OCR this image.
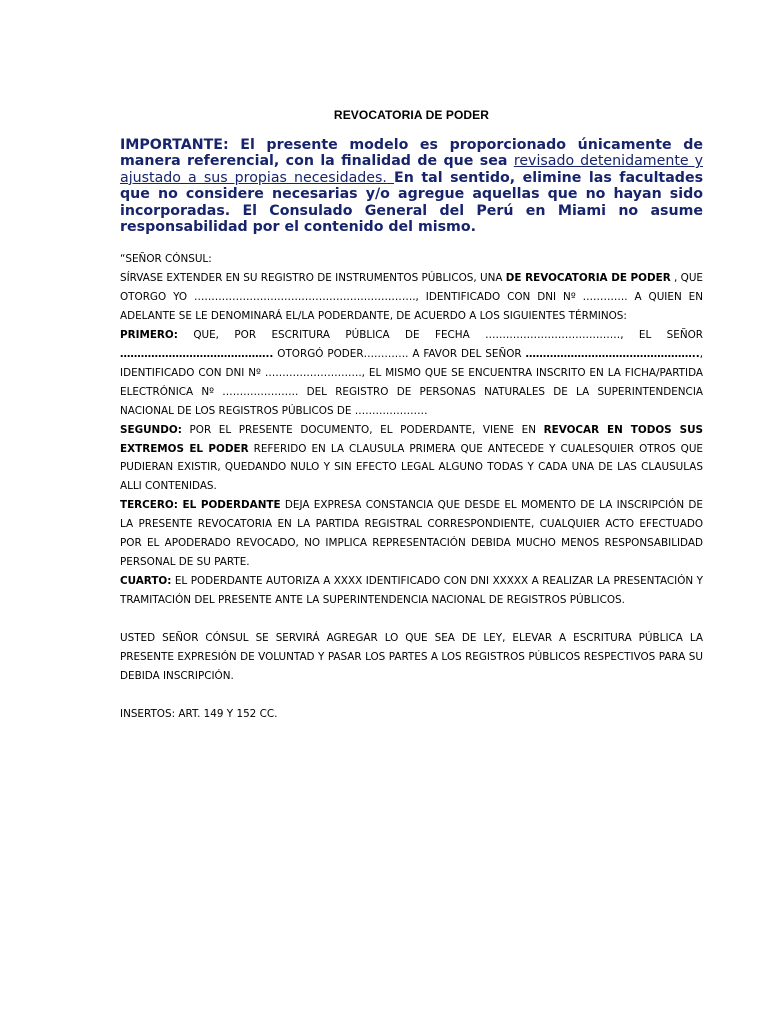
REVOCATORIA DE PODER
IMPORTANTE: El presente modelo es proporcionado únicamente de manera referencial, con la finalidad de que sea revisado detenidamente y ajustado a sus propias necesidades. En tal sentido, elimine las facultades que no considere necesarias y/o agregue aquellas que no hayan sido incorporadas. El Consulado General del Perú en Miami no asume responsabilidad por el contenido del mismo.

“SEÑOR CÓNSUL:

SÍRVASE EXTENDER EN SU REGISTRO DE INSTRUMENTOS PÚBLICOS, UNA DE REVOCATORIA DE PODER , QUE OTORGO YO ………………………………………………………., IDENTIFICADO CON DNI Nº …………. A QUIEN EN ADELANTE SE LE DENOMINARÁ EL/LA PODERDANTE, DE ACUERDO A LOS SIGUIENTES TÉRMINOS:

PRIMERO: QUE, POR ESCRITURA PÚBLICA DE FECHA …………………………………, EL SEÑOR …………………………………….. OTORGÓ PODER…………. A FAVOR DEL SEÑOR ………………………………………….., IDENTIFICADO CON DNI Nº ………………………., EL MISMO QUE SE ENCUENTRA INSCRITO EN LA FICHA/PARTIDA ELECTRÓNICA Nº …………………. DEL REGISTRO DE PERSONAS NATURALES DE LA SUPERINTENDENCIA NACIONAL DE LOS REGISTROS PÚBLICOS DE …………………

SEGUNDO: POR EL PRESENTE DOCUMENTO, EL PODERDANTE, VIENE EN REVOCAR EN TODOS SUS EXTREMOS EL PODER REFERIDO EN LA CLAUSULA PRIMERA QUE ANTECEDE Y CUALESQUIER OTROS QUE PUDIERAN EXISTIR, QUEDANDO NULO Y SIN EFECTO LEGAL ALGUNO TODAS Y CADA UNA DE LAS CLAUSULAS ALLI CONTENIDAS.

TERCERO: EL PODERDANTE DEJA EXPRESA CONSTANCIA QUE DESDE EL MOMENTO DE LA INSCRIPCIÓN DE LA PRESENTE REVOCATORIA EN LA PARTIDA REGISTRAL CORRESPONDIENTE, CUALQUIER ACTO EFECTUADO POR EL APODERADO REVOCADO, NO IMPLICA REPRESENTACIÓN DEBIDA MUCHO MENOS RESPONSABILIDAD PERSONAL DE SU PARTE.

CUARTO: EL PODERDANTE AUTORIZA A XXXX IDENTIFICADO CON DNI XXXXX A REALIZAR LA PRESENTACIÓN Y TRAMITACIÓN DEL PRESENTE ANTE LA SUPERINTENDENCIA NACIONAL DE REGISTROS PÚBLICOS.

USTED SEÑOR CÓNSUL SE SERVIRÁ AGREGAR LO QUE SEA DE LEY, ELEVAR A ESCRITURA PÚBLICA LA PRESENTE EXPRESIÓN DE VOLUNTAD Y PASAR LOS PARTES A LOS REGISTROS PÚBLICOS RESPECTIVOS PARA SU DEBIDA INSCRIPCIÓN.

INSERTOS: ART. 149 Y 152 CC.
